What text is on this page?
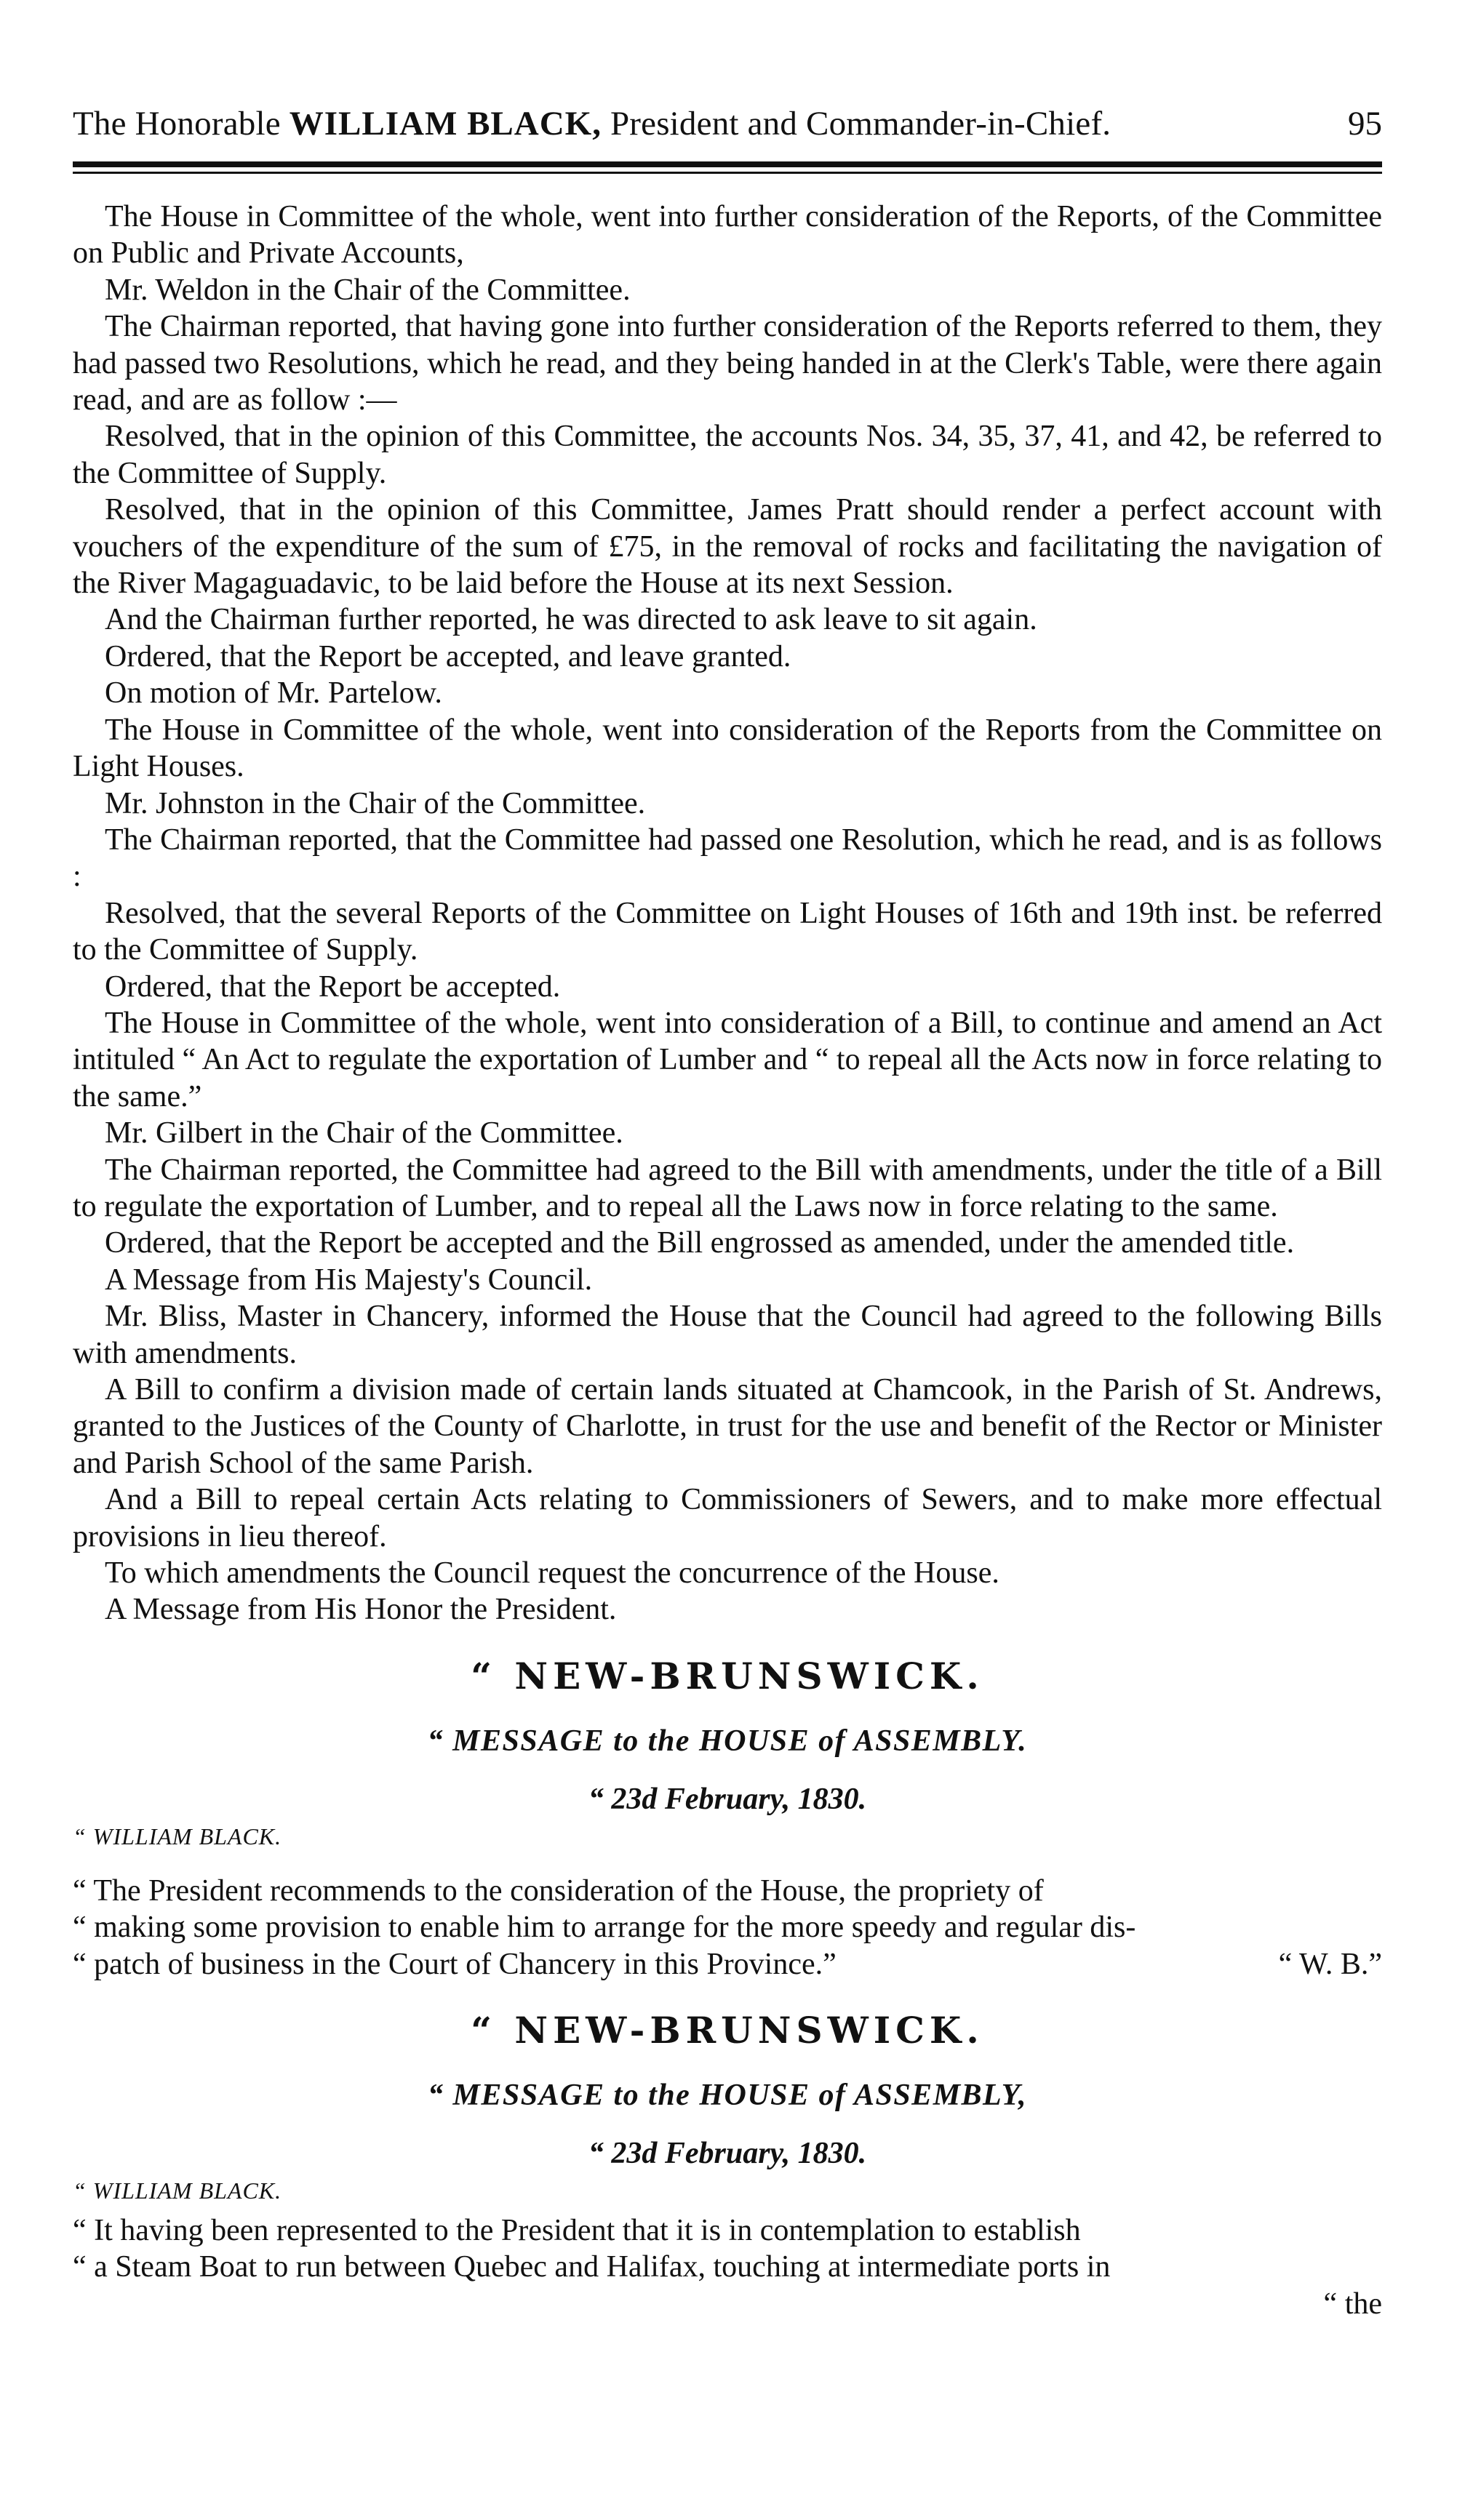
The Honorable WILLIAM BLACK, President and Commander-in-Chief.	95

The House in Committee of the whole, went into further consideration of the Reports, of the Committee on Public and Private Accounts,

Mr. Weldon in the Chair of the Committee.

The Chairman reported, that having gone into further consideration of the Reports referred to them, they had passed two Resolutions, which he read, and they being handed in at the Clerk's Table, were there again read, and are as follow :—

Resolved, that in the opinion of this Committee, the accounts Nos. 34, 35, 37, 41, and 42, be referred to the Committee of Supply.

Resolved, that in the opinion of this Committee, James Pratt should render a perfect account with vouchers of the expenditure of the sum of £75, in the removal of rocks and facilitating the navigation of the River Magaguadavic, to be laid before the House at its next Session.

And the Chairman further reported, he was directed to ask leave to sit again.

Ordered, that the Report be accepted, and leave granted.

On motion of Mr. Partelow.

The House in Committee of the whole, went into consideration of the Reports from the Committee on Light Houses.

Mr. Johnston in the Chair of the Committee.

The Chairman reported, that the Committee had passed one Resolution, which he read, and is as follows :

Resolved, that the several Reports of the Committee on Light Houses of 16th and 19th inst. be referred to the Committee of Supply.

Ordered, that the Report be accepted.

The House in Committee of the whole, went into consideration of a Bill, to continue and amend an Act intituled “ An Act to regulate the exportation of Lumber and “ to repeal all the Acts now in force relating to the same.”

Mr. Gilbert in the Chair of the Committee.

The Chairman reported, the Committee had agreed to the Bill with amendments, under the title of a Bill to regulate the exportation of Lumber, and to repeal all the Laws now in force relating to the same.

Ordered, that the Report be accepted and the Bill engrossed as amended, under the amended title.

A Message from His Majesty's Council.

Mr. Bliss, Master in Chancery, informed the House that the Council had agreed to the following Bills with amendments.

A Bill to confirm a division made of certain lands situated at Chamcook, in the Parish of St. Andrews, granted to the Justices of the County of Charlotte, in trust for the use and benefit of the Rector or Minister and Parish School of the same Parish.

And a Bill to repeal certain Acts relating to Commissioners of Sewers, and to make more effectual provisions in lieu thereof.

To which amendments the Council request the concurrence of the House.

A Message from His Honor the President.

“ NEW-BRUNSWICK.
“ MESSAGE to the HOUSE of ASSEMBLY.
“ 23d February, 1830.
“ WILLIAM BLACK.
“ The President recommends to the consideration of the House, the propriety of
“ making some provision to enable him to arrange for the more speedy and regular dis-
“ patch of business in the Court of Chancery in this Province.”	“ W. B.”
“ NEW-BRUNSWICK.
“ MESSAGE to the HOUSE of ASSEMBLY,
“ 23d February, 1830.
“ WILLIAM BLACK.
“ It having been represented to the President that it is in contemplation to establish
“ a Steam Boat to run between Quebec and Halifax, touching at intermediate ports in
“ the
